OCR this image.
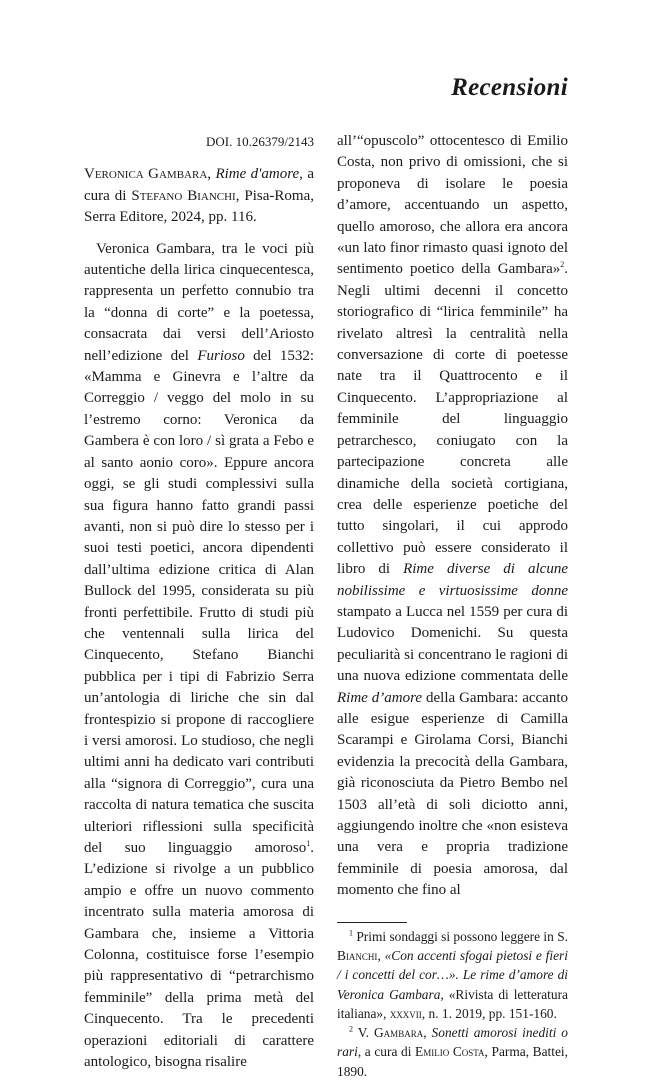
Recensioni
DOI. 10.26379/2143

Veronica Gambara, Rime d'amore, a cura di Stefano Bianchi, Pisa-Roma, Serra Editore, 2024, pp. 116.

Veronica Gambara, tra le voci più autentiche della lirica cinquecentesca, rappresenta un perfetto connubio tra la “donna di corte” e la poetessa, consacrata dai versi dell’Ariosto nell’edizione del Furioso del 1532: «Mamma e Ginevra e l’altre da Correggio / veggo del molo in su l’estremo corno: Veronica da Gambera è con loro / sì grata a Febo e al santo aonio coro». Eppure ancora oggi, se gli studi complessivi sulla sua figura hanno fatto grandi passi avanti, non si può dire lo stesso per i suoi testi poetici, ancora dipendenti dall’ultima edizione critica di Alan Bullock del 1995, considerata su più fronti perfettibile. Frutto di studi più che ventennali sulla lirica del Cinquecento, Stefano Bianchi pubblica per i tipi di Fabrizio Serra un’antologia di liriche che sin dal frontespizio si propone di raccogliere i versi amorosi. Lo studioso, che negli ultimi anni ha dedicato vari contributi alla “signora di Correggio”, cura una raccolta di natura tematica che suscita ulteriori riflessioni sulla specificità del suo linguaggio amoroso$^1$. L’edizione si rivolge a un pubblico ampio e offre un nuovo commento incentrato sulla materia amorosa di Gambara che, insieme a Vittoria Colonna, costituisce forse l’esempio più rappresentativo di “petrarchismo femminile” della prima metà del Cinquecento. Tra le precedenti operazioni editoriali di carattere antologico, bisogna risalire

all’“opuscolo” ottocentesco di Emilio Costa, non privo di omissioni, che si proponeva di isolare le poesia d’amore, accentuando un aspetto, quello amoroso, che allora era ancora «un lato finor rimasto quasi ignoto del sentimento poetico della Gambara»$^2$. Negli ultimi decenni il concetto storiografico di “lirica femminile” ha rivelato altresì la centralità nella conversazione di corte di poetesse nate tra il Quattrocento e il Cinquecento. L’appropriazione al femminile del linguaggio petrarchesco, coniugato con la partecipazione concreta alle dinamiche della società cortigiana, crea delle esperienze poetiche del tutto singolari, il cui approdo collettivo può essere considerato il libro di Rime diverse di alcune nobilissime e virtuosissime donne stampato a Lucca nel 1559 per cura di Ludovico Domenichi. Su questa peculiarità si concentrano le ragioni di una nuova edizione commentata delle Rime d’amore della Gambara: accanto alle esigue esperienze di Camilla Scarampi e Girolama Corsi, Bianchi evidenzia la precocità della Gambara, già riconosciuta da Pietro Bembo nel 1503 all’età di soli diciotto anni, aggiungendo inoltre che «non esisteva una vera e propria tradizione femminile di poesia amorosa, dal momento che fino al

$^1$ Primi sondaggi si possono leggere in S. Bianchi, «Con accenti sfogai pietosi e fieri / i concetti del cor…». Le rime d’amore di Veronica Gambara, «Rivista di letteratura italiana», xxxvii, n. 1. 2019, pp. 151-160.

$^2$ V. Gambara, Sonetti amorosi inediti o rari, a cura di Emilio Costa, Parma, Battei, 1890.
